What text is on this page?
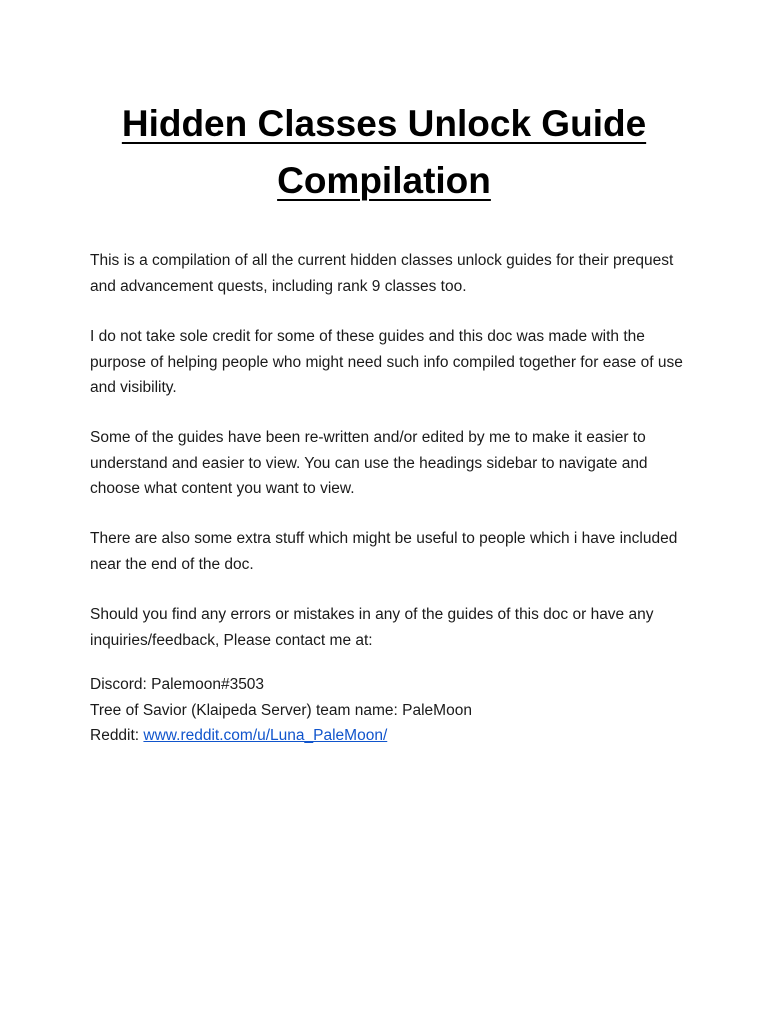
Hidden Classes Unlock Guide
Compilation

This is a compilation of all the current hidden classes unlock guides for their prequest and advancement quests, including rank 9 classes too.

I do not take sole credit for some of these guides and this doc was made with the purpose of helping people who might need such info compiled together for ease of use and visibility.

Some of the guides have been re-written and/or edited by me to make it easier to understand and easier to view. You can use the headings sidebar to navigate and choose what content you want to view.

There are also some extra stuff which might be useful to people which i have included near the end of the doc.

Should you find any errors or mistakes in any of the guides of this doc or have any inquiries/feedback, Please contact me at:

Discord: Palemoon#3503
Tree of Savior (Klaipeda Server) team name: PaleMoon
Reddit: www.reddit.com/u/Luna_PaleMoon/
